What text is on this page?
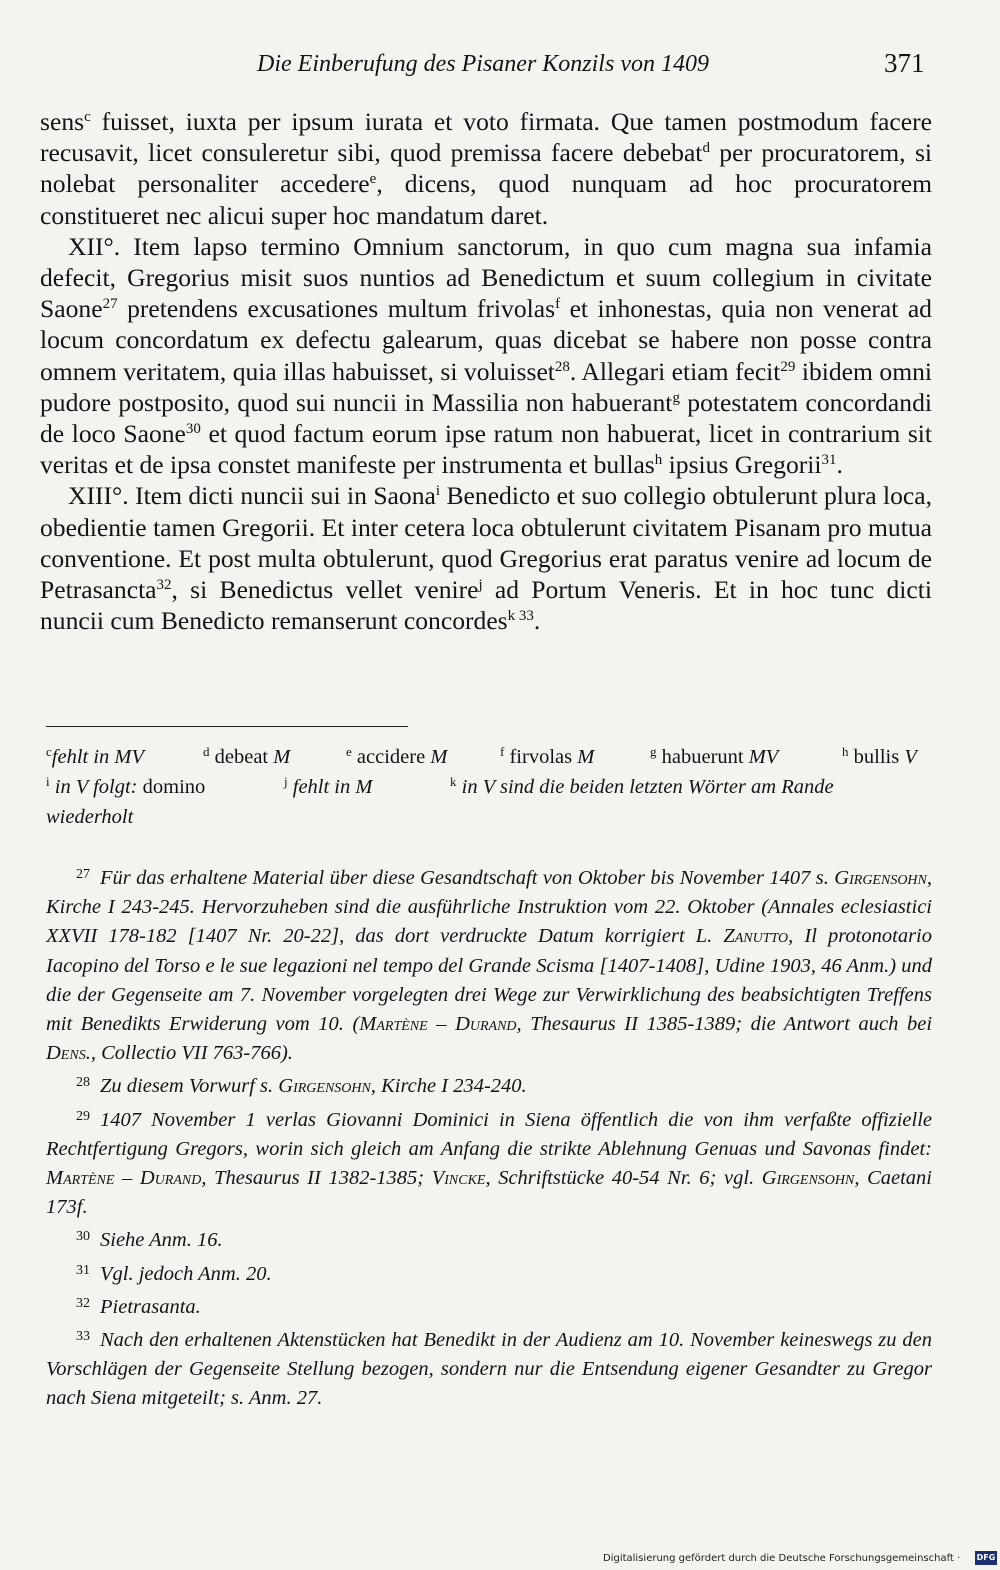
Die Einberufung des Pisaner Konzils von 1409	371

sens$^c$ fuisset, iuxta per ipsum iurata et voto firmata. Que tamen postmodum facere recusavit, licet consuleretur sibi, quod premissa facere debebat$^d$ per procuratorem, si nolebat personaliter accedere$^e$, dicens, quod nunquam ad hoc procuratorem constitueret nec alicui super hoc mandatum daret.

XII°. Item lapso termino Omnium sanctorum, in quo cum magna sua infamia defecit, Gregorius misit suos nuntios ad Benedictum et suum collegium in civitate Saone$^{27}$ pretendens excusationes multum frivolas$^f$ et inhonestas, quia non venerat ad locum concordatum ex defectu galearum, quas dicebat se habere non posse contra omnem veritatem, quia illas habuisset, si voluisset$^{28}$. Allegari etiam fecit$^{29}$ ibidem omni pudore postposito, quod sui nuncii in Massilia non habuerant$^g$ potestatem concordandi de loco Saone$^{30}$ et quod factum eorum ipse ratum non habuerat, licet in contrarium sit veritas et de ipsa constet manifeste per instrumenta et bullas$^h$ ipsius Gregorii$^{31}$.

XIII°. Item dicti nuncii sui in Saona$^i$ Benedicto et suo collegio obtulerunt plura loca, obedientie tamen Gregorii. Et inter cetera loca obtulerunt civitatem Pisanam pro mutua conventione. Et post multa obtulerunt, quod Gregorius erat paratus venire ad locum de Petrasancta$^{32}$, si Benedictus vellet venire$^j$ ad Portum Veneris. Et in hoc tunc dicti nuncii cum Benedicto remanserunt concordes$^{k 33}$.

$^c$fehlt in MV	$^d$ debeat M	$^e$ accidere M	$^f$ firvolas M	$^g$ habuerunt MV	$^h$ bullis V
$^i$ in V folgt: domino	$^j$ fehlt in M	$^k$ in V sind die beiden letzten Wörter am Rande
wiederholt

$^{27}$ Für das erhaltene Material über diese Gesandtschaft von Oktober bis November 1407 s. Girgensohn, Kirche I 243-245. Hervorzuheben sind die ausführliche Instruktion vom 22. Oktober (Annales eclesiastici XXVII 178-182 [1407 Nr. 20-22], das dort verdruckte Datum korrigiert L. Zanutto, Il protonotario Iacopino del Torso e le sue legazioni nel tempo del Grande Scisma [1407-1408], Udine 1903, 46 Anm.) und die der Gegenseite am 7. November vorgelegten drei Wege zur Verwirklichung des beabsichtigten Treffens mit Benedikts Erwiderung vom 10. (Martène – Durand, Thesaurus II 1385-1389; die Antwort auch bei Dens., Collectio VII 763-766).

$^{28}$ Zu diesem Vorwurf s. Girgensohn, Kirche I 234-240.

$^{29}$ 1407 November 1 verlas Giovanni Dominici in Siena öffentlich die von ihm verfaßte offizielle Rechtfertigung Gregors, worin sich gleich am Anfang die strikte Ablehnung Genuas und Savonas findet: Martène – Durand, Thesaurus II 1382-1385; Vincke, Schriftstücke 40-54 Nr. 6; vgl. Girgensohn, Caetani 173f.

$^{30}$ Siehe Anm. 16.

$^{31}$ Vgl. jedoch Anm. 20.

$^{32}$ Pietrasanta.

$^{33}$ Nach den erhaltenen Aktenstücken hat Benedikt in der Audienz am 10. November keineswegs zu den Vorschlägen der Gegenseite Stellung bezogen, sondern nur die Entsendung eigener Gesandter zu Gregor nach Siena mitgeteilt; s. Anm. 27.

Digitalisierung gefördert durch die Deutsche Forschungsgemeinschaft · DFG
